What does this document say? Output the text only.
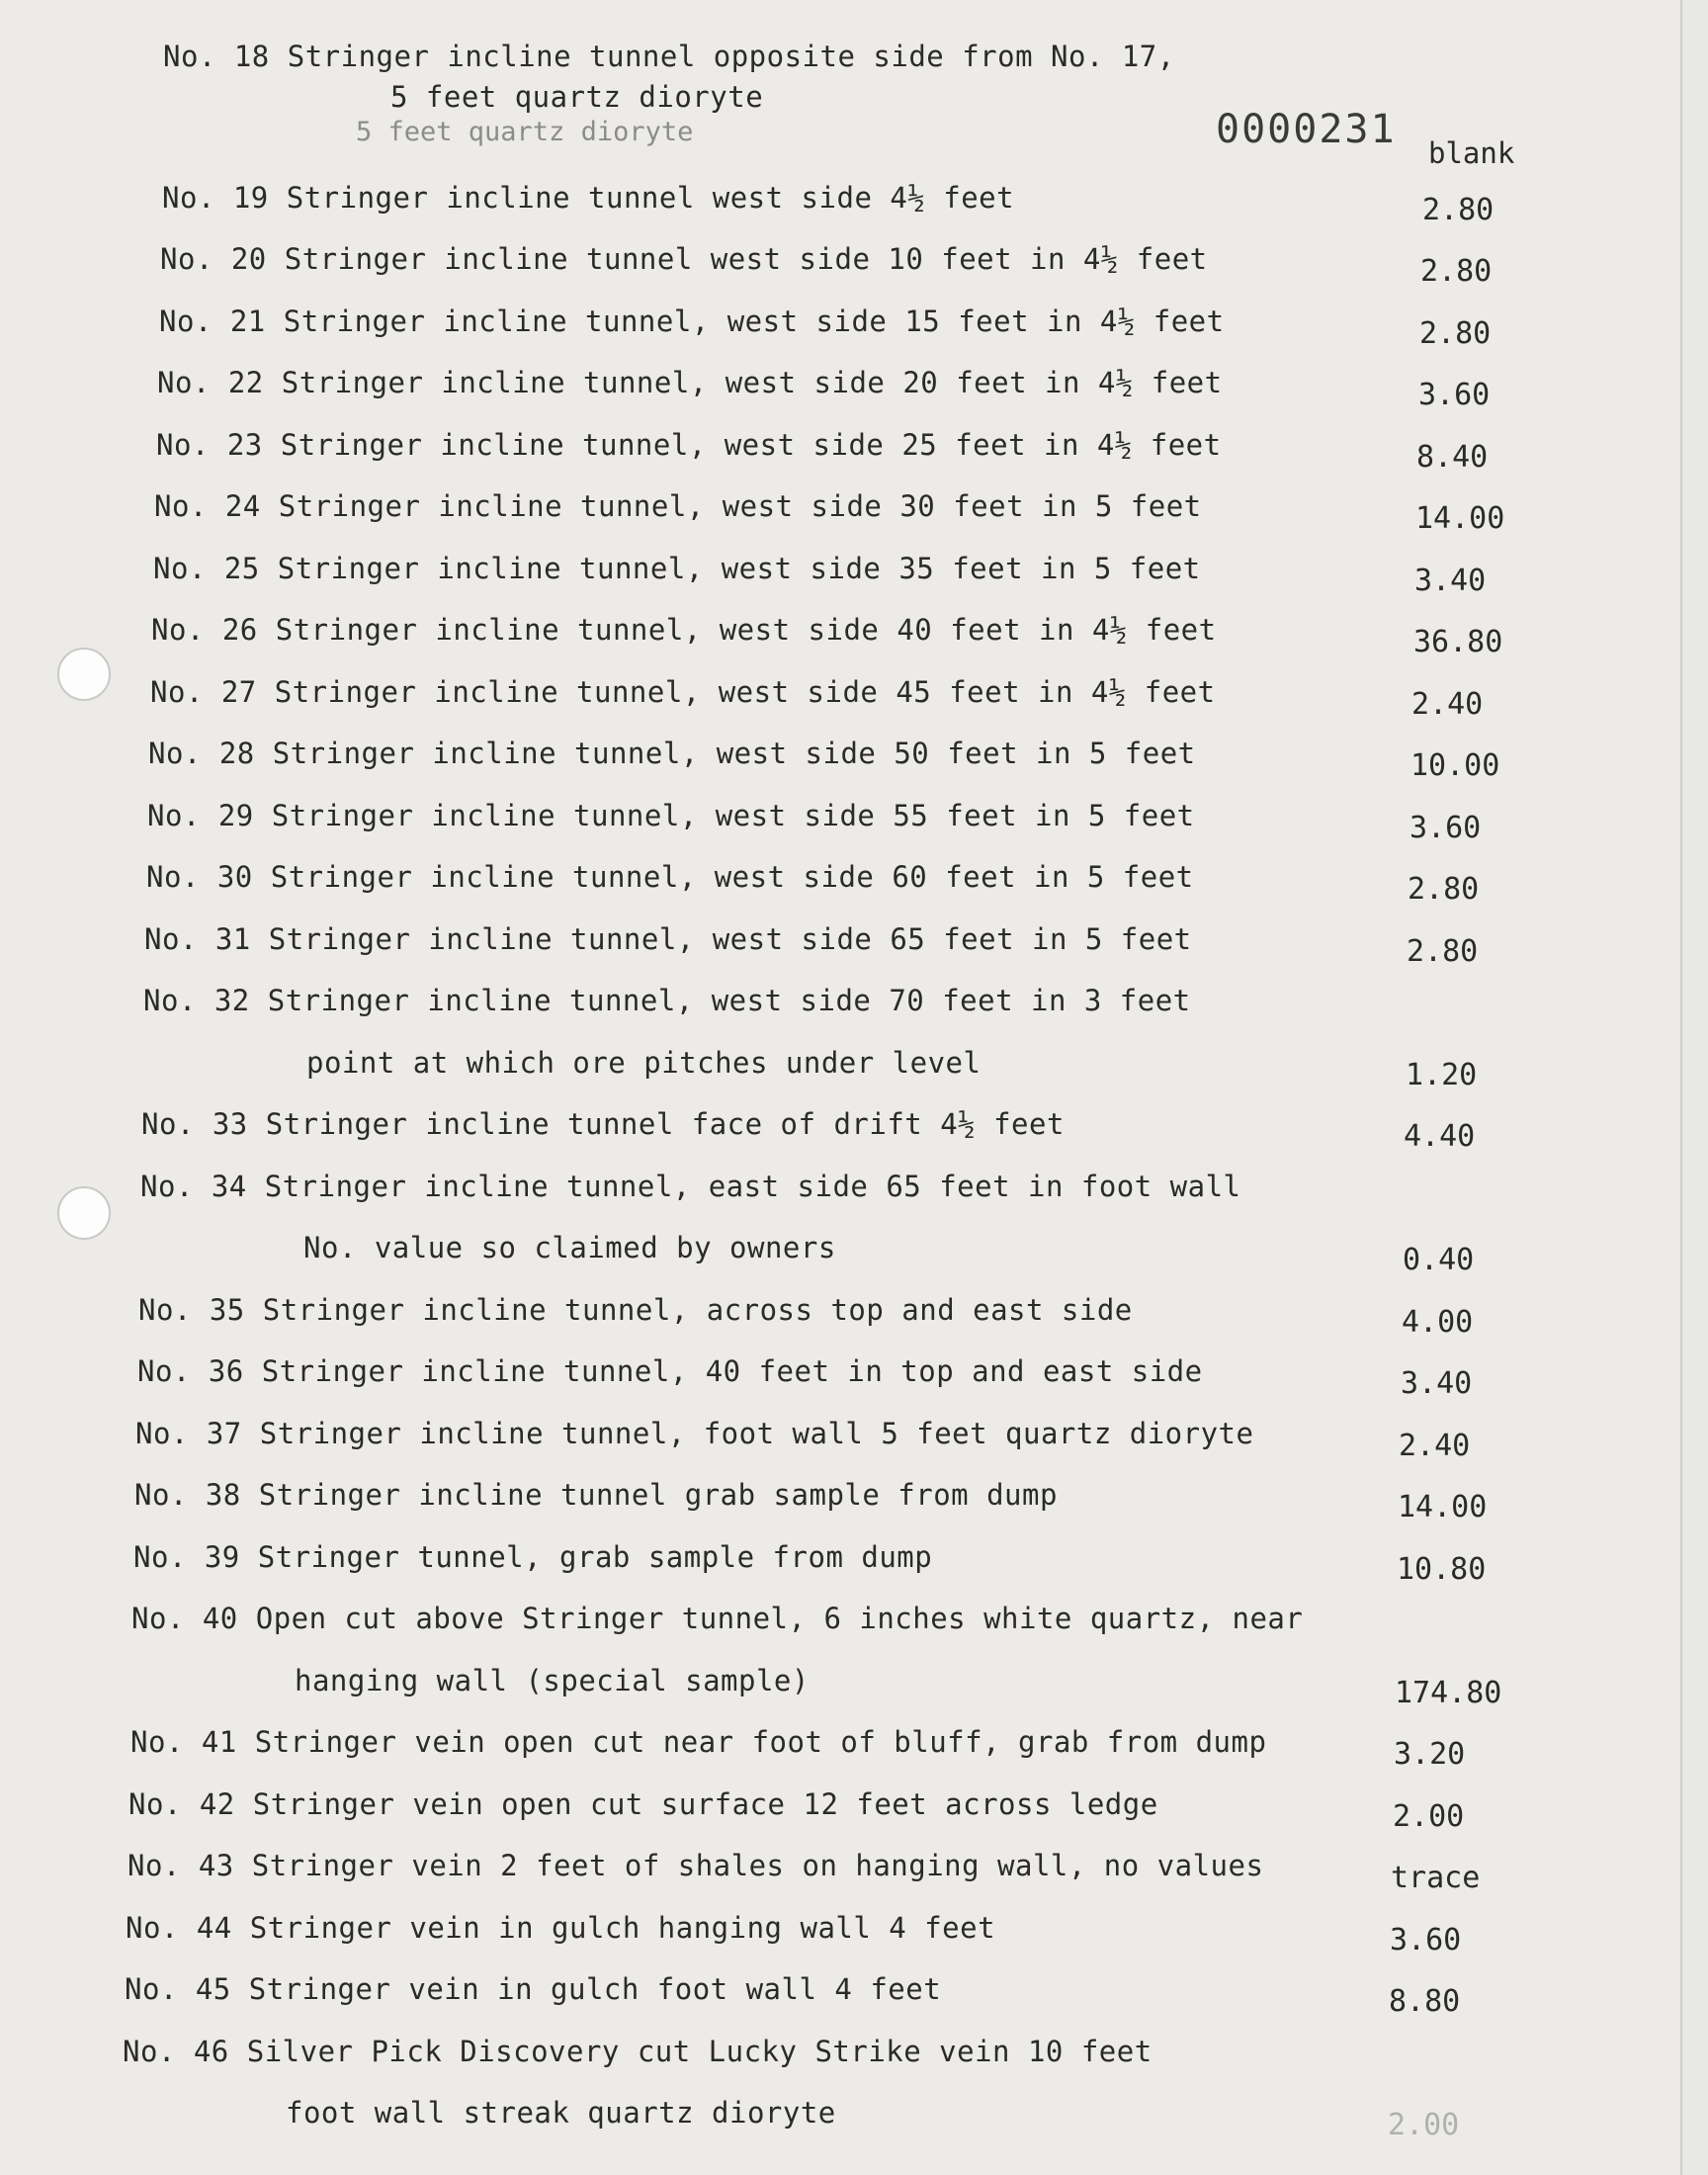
0000231
blank
5 feet quartz dioryte
No. 18 Stringer incline tunnel opposite side from No. 17,
5 feet quartz dioryte
No. 19 Stringer incline tunnel west side 4½ feet	2.80
No. 20 Stringer incline tunnel west side 10 feet in 4½ feet	2.80
No. 21 Stringer incline tunnel, west side 15 feet in 4½ feet	2.80
No. 22 Stringer incline tunnel, west side 20 feet in 4½ feet	3.60
No. 23 Stringer incline tunnel, west side 25 feet in 4½ feet	8.40
No. 24 Stringer incline tunnel, west side 30 feet in 5 feet	14.00
No. 25 Stringer incline tunnel, west side 35 feet in 5 feet	3.40
No. 26 Stringer incline tunnel, west side 40 feet in 4½ feet	36.80
No. 27 Stringer incline tunnel, west side 45 feet in 4½ feet	2.40
No. 28 Stringer incline tunnel, west side 50 feet in 5 feet	10.00
No. 29 Stringer incline tunnel, west side 55 feet in 5 feet	3.60
No. 30 Stringer incline tunnel, west side 60 feet in 5 feet	2.80
No. 31 Stringer incline tunnel, west side 65 feet in 5 feet	2.80
No. 32 Stringer incline tunnel, west side 70 feet in 3 feet
point at which ore pitches under level	1.20
No. 33 Stringer incline tunnel face of drift 4½ feet	4.40
No. 34 Stringer incline tunnel, east side 65 feet in foot wall
No. value so claimed by owners	0.40
No. 35 Stringer incline tunnel, across top and east side	4.00
No. 36 Stringer incline tunnel, 40 feet in top and east side	3.40
No. 37 Stringer incline tunnel, foot wall 5 feet quartz dioryte	2.40
No. 38 Stringer incline tunnel grab sample from dump	14.00
No. 39 Stringer tunnel, grab sample from dump	10.80
No. 40 Open cut above Stringer tunnel, 6 inches white quartz, near
hanging wall (special sample)	174.80
No. 41 Stringer vein open cut near foot of bluff, grab from dump	3.20
No. 42 Stringer vein open cut surface 12 feet across ledge	2.00
No. 43 Stringer vein 2 feet of shales on hanging wall, no values	trace
No. 44 Stringer vein in gulch hanging wall 4 feet	3.60
No. 45 Stringer vein in gulch foot wall 4 feet	8.80
No. 46 Silver Pick Discovery cut Lucky Strike vein 10 feet
foot wall streak quartz dioryte	2.00
